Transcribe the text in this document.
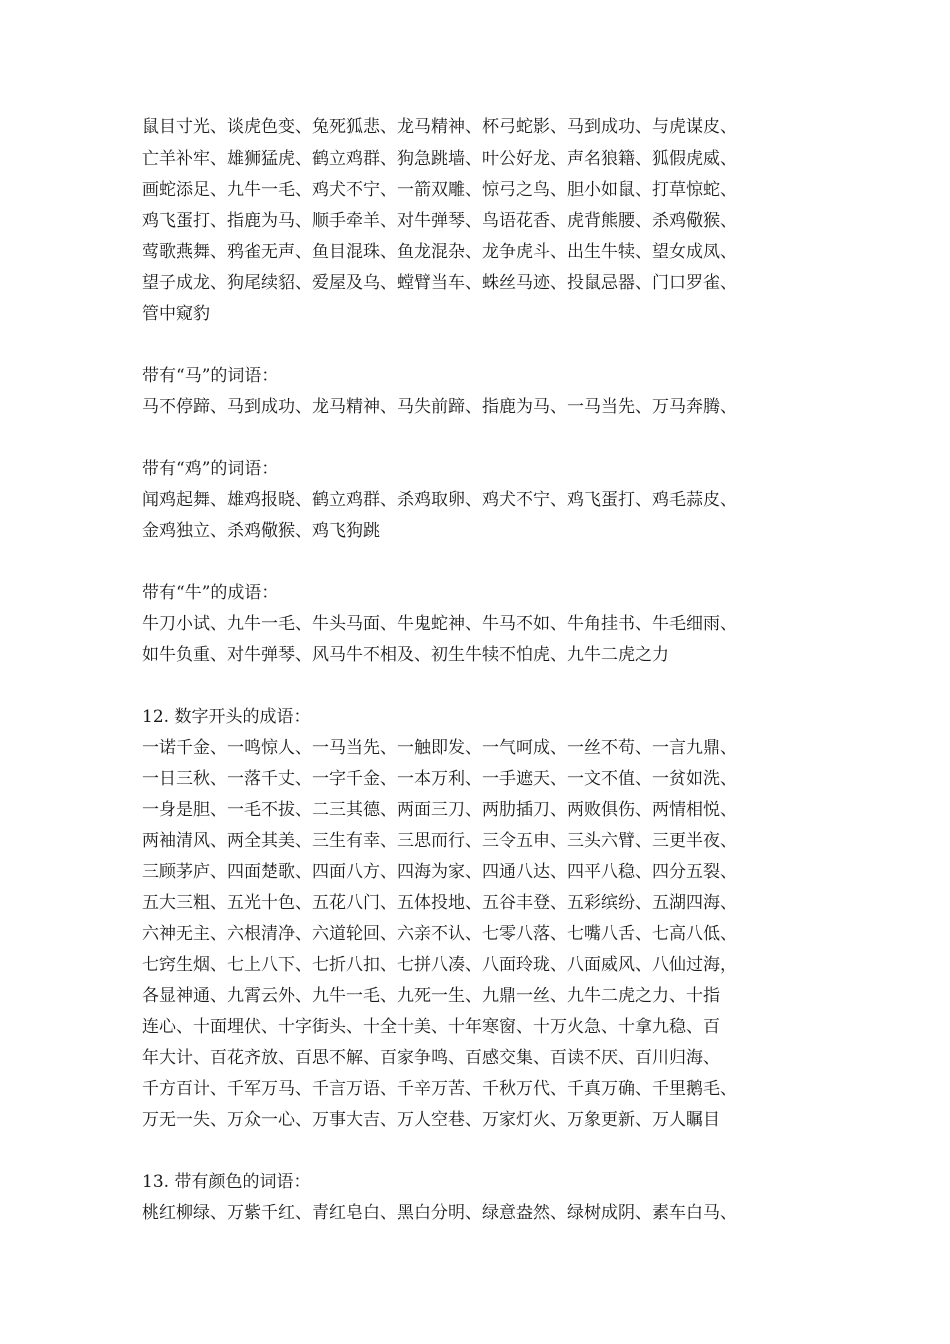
鼠目寸光、谈虎色变、兔死狐悲、龙马精神、杯弓蛇影、马到成功、与虎谋皮、
亡羊补牢、雄狮猛虎、鹤立鸡群、狗急跳墙、叶公好龙、声名狼籍、狐假虎威、
画蛇添足、九牛一毛、鸡犬不宁、一箭双雕、惊弓之鸟、胆小如鼠、打草惊蛇、
鸡飞蛋打、指鹿为马、顺手牵羊、对牛弹琴、鸟语花香、虎背熊腰、杀鸡儆猴、
莺歌燕舞、鸦雀无声、鱼目混珠、鱼龙混杂、龙争虎斗、出生牛犊、望女成凤、
望子成龙、狗尾续貂、爱屋及乌、螳臂当车、蛛丝马迹、投鼠忌器、门口罗雀、
管中窥豹
带有“马”的词语：
马不停蹄、马到成功、龙马精神、马失前蹄、指鹿为马、一马当先、万马奔腾、
带有“鸡”的词语：
闻鸡起舞、雄鸡报晓、鹤立鸡群、杀鸡取卵、鸡犬不宁、鸡飞蛋打、鸡毛蒜皮、
金鸡独立、杀鸡儆猴、鸡飞狗跳
带有“牛”的成语：
牛刀小试、九牛一毛、牛头马面、牛鬼蛇神、牛马不如、牛角挂书、牛毛细雨、
如牛负重、对牛弹琴、风马牛不相及、初生牛犊不怕虎、九牛二虎之力
12. 数字开头的成语：
一诺千金、一鸣惊人、一马当先、一触即发、一气呵成、一丝不苟、一言九鼎、
一日三秋、一落千丈、一字千金、一本万利、一手遮天、一文不值、一贫如洗、
一身是胆、一毛不拔、二三其德、两面三刀、两肋插刀、两败俱伤、两情相悦、
两袖清风、两全其美、三生有幸、三思而行、三令五申、三头六臂、三更半夜、
三顾茅庐、四面楚歌、四面八方、四海为家、四通八达、四平八稳、四分五裂、
五大三粗、五光十色、五花八门、五体投地、五谷丰登、五彩缤纷、五湖四海、
六神无主、六根清净、六道轮回、六亲不认、七零八落、七嘴八舌、七高八低、
七窍生烟、七上八下、七折八扣、七拼八凑、八面玲珑、八面威风、八仙过海，
各显神通、九霄云外、九牛一毛、九死一生、九鼎一丝、九牛二虎之力、十指
连心、十面埋伏、十字街头、十全十美、十年寒窗、十万火急、十拿九稳、百
年大计、百花齐放、百思不解、百家争鸣、百感交集、百读不厌、百川归海、
千方百计、千军万马、千言万语、千辛万苦、千秋万代、千真万确、千里鹅毛、
万无一失、万众一心、万事大吉、万人空巷、万家灯火、万象更新、万人瞩目
13. 带有颜色的词语：
桃红柳绿、万紫千红、青红皂白、黑白分明、绿意盎然、绿树成阴、素车白马、
